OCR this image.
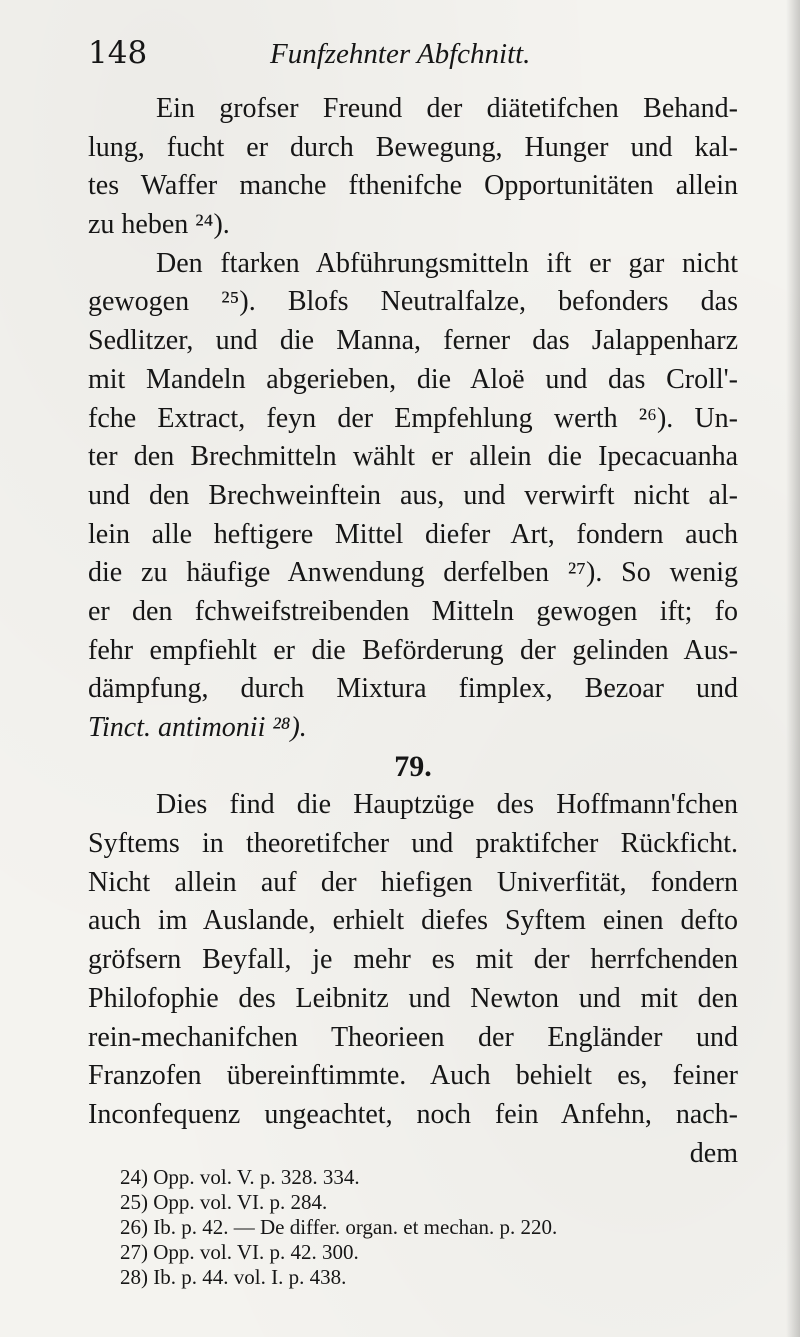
148	Funfzehnter Abfchnitt.
Ein grofser Freund der diätetifchen Behand-
lung, fucht er durch Bewegung, Hunger und kal-
tes Waffer manche fthenifche Opportunitäten allein
zu heben ²⁴).
Den ftarken Abführungsmitteln ift er gar nicht
gewogen ²⁵). Blofs Neutralfalze, befonders das
Sedlitzer, und die Manna, ferner das Jalappenharz
mit Mandeln abgerieben, die Aloë und das Croll'-
fche Extract, feyn der Empfehlung werth ²⁶). Un-
ter den Brechmitteln wählt er allein die Ipecacuanha
und den Brechweinftein aus, und verwirft nicht al-
lein alle heftigere Mittel diefer Art, fondern auch
die zu häufige Anwendung derfelben ²⁷). So wenig
er den fchweifstreibenden Mitteln gewogen ift; fo
fehr empfiehlt er die Beförderung der gelinden Aus-
dämpfung, durch Mixtura fimplex, Bezoar und
Tinct. antimonii ²⁸).
79.
Dies find die Hauptzüge des Hoffmann'fchen
Syftems in theoretifcher und praktifcher Rückficht.
Nicht allein auf der hiefigen Univerfität, fondern
auch im Auslande, erhielt diefes Syftem einen defto
gröfsern Beyfall, je mehr es mit der herrfchenden
Philofophie des Leibnitz und Newton und mit den
rein-mechanifchen Theorieen der Engländer und
Franzofen übereinftimmte. Auch behielt es, feiner
Inconfequenz ungeachtet, noch fein Anfehn, nach-
dem
24) Opp. vol. V. p. 328. 334.
25) Opp. vol. VI. p. 284.
26) Ib. p. 42. — De differ. organ. et mechan. p. 220.
27) Opp. vol. VI. p. 42. 300.
28) Ib. p. 44. vol. I. p. 438.
